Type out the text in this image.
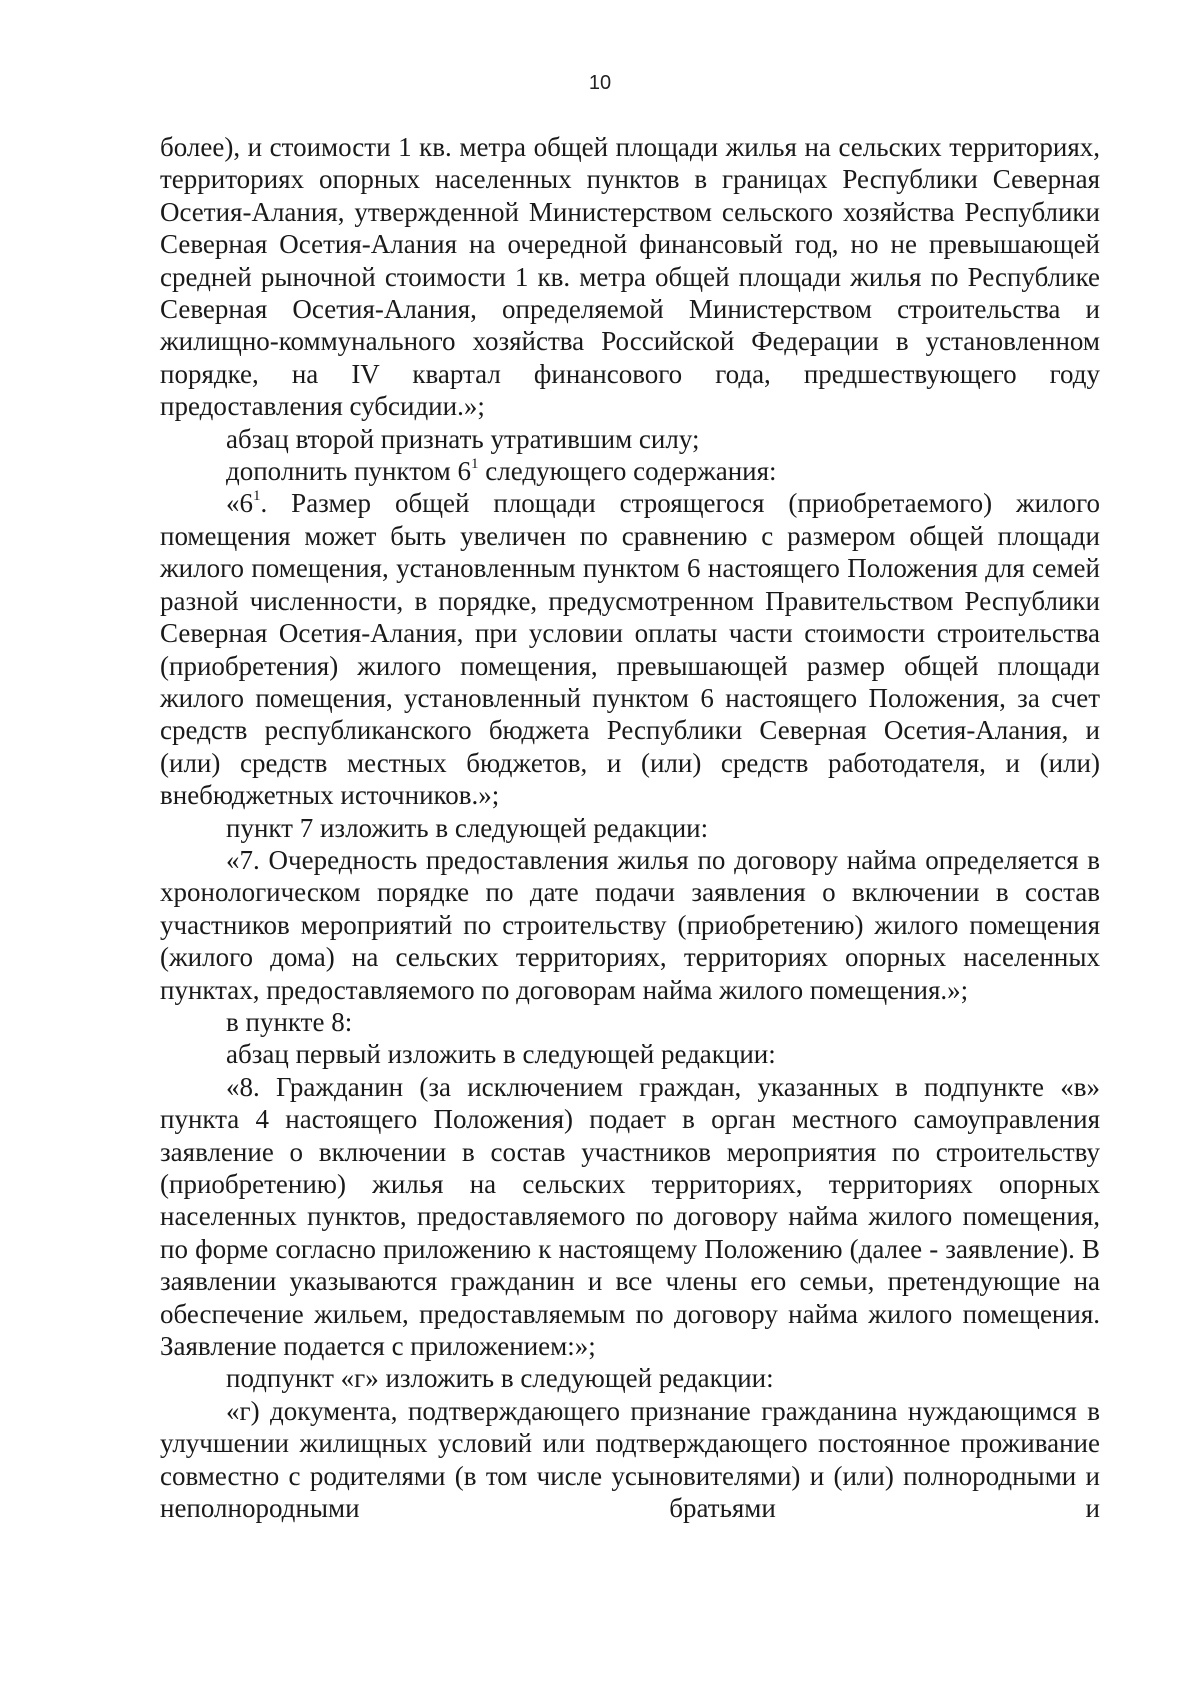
10

более), и стоимости 1 кв. метра общей площади жилья на сельских территориях, территориях опорных населенных пунктов в границах Республики Северная Осетия-Алания, утвержденной Министерством сельского хозяйства Республики Северная Осетия-Алания на очередной финансовый год, но не превышающей средней рыночной стоимости 1 кв. метра общей площади жилья по Республике Северная Осетия-Алания, определяемой Министерством строительства и жилищно-коммунального хозяйства Российской Федерации в установленном порядке, на IV квартал финансового года, предшествующего году предоставления субсидии.»;

абзац второй признать утратившим силу;

дополнить пунктом $6^1$ следующего содержания:

«$6^1$. Размер общей площади строящегося (приобретаемого) жилого помещения может быть увеличен по сравнению с размером общей площади жилого помещения, установленным пунктом 6 настоящего Положения для семей разной численности, в порядке, предусмотренном Правительством Республики Северная Осетия-Алания, при условии оплаты части стоимости строительства (приобретения) жилого помещения, превышающей размер общей площади жилого помещения, установленный пунктом 6 настоящего Положения, за счет средств республиканского бюджета Республики Северная Осетия-Алания, и (или) средств местных бюджетов, и (или) средств работодателя, и (или) внебюджетных источников.»;

пункт 7 изложить в следующей редакции:

«7. Очередность предоставления жилья по договору найма определяется в хронологическом порядке по дате подачи заявления о включении в состав участников мероприятий по строительству (приобретению) жилого помещения (жилого дома) на сельских территориях, территориях опорных населенных пунктах, предоставляемого по договорам найма жилого помещения.»;

в пункте 8:

абзац первый изложить в следующей редакции:

«8. Гражданин (за исключением граждан, указанных в подпункте «в» пункта 4 настоящего Положения) подает в орган местного самоуправления заявление о включении в состав участников мероприятия по строительству (приобретению) жилья на сельских территориях, территориях опорных населенных пунктов, предоставляемого по договору найма жилого помещения, по форме согласно приложению к настоящему Положению (далее - заявление). В заявлении указываются гражданин и все члены его семьи, претендующие на обеспечение жильем, предоставляемым по договору найма жилого помещения. Заявление подается с приложением:»;

подпункт «г» изложить в следующей редакции:

«г) документа, подтверждающего признание гражданина нуждающимся в улучшении жилищных условий или подтверждающего постоянное проживание совместно с родителями (в том числе усыновителями) и (или) полнородными и неполнородными братьями и
